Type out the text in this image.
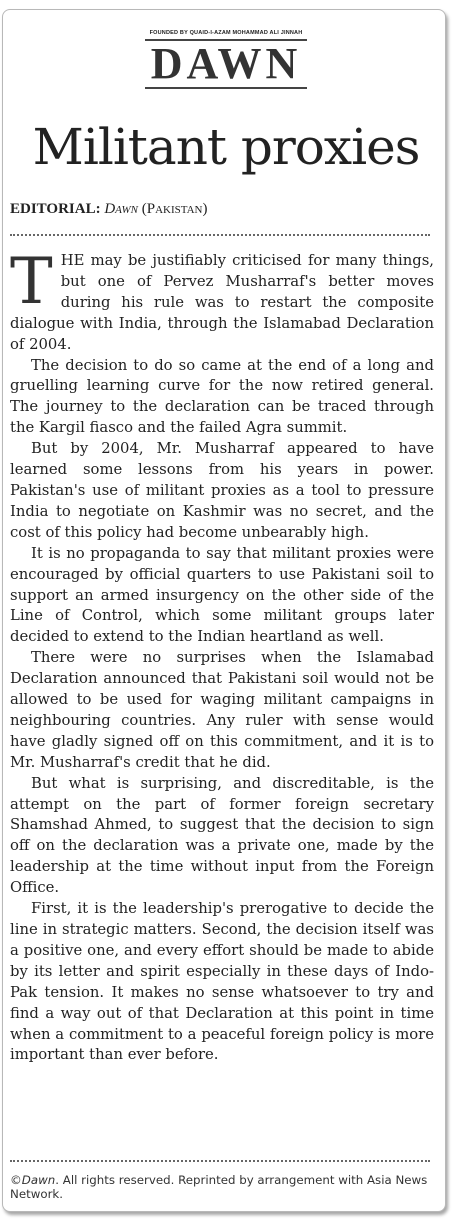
FOUNDED BY QUAID-I-AZAM MOHAMMAD ALI JINNAH
DAWN
Militant proxies
EDITORIAL: Dawn (Pakistan)

THE may be justifiably criticised for many things, but one of Pervez Musharraf's better moves during his rule was to restart the composite dialogue with India, through the Islamabad Declaration of 2004.

The decision to do so came at the end of a long and gruelling learning curve for the now retired general. The journey to the declaration can be traced through the Kargil fiasco and the failed Agra summit.

But by 2004, Mr. Musharraf appeared to have learned some lessons from his years in power. Pakistan's use of militant proxies as a tool to pressure India to negotiate on Kashmir was no secret, and the cost of this policy had become unbearably high.

It is no propaganda to say that militant proxies were encouraged by official quarters to use Pakistani soil to support an armed insurgency on the other side of the Line of Control, which some militant groups later decided to extend to the Indian heartland as well.

There were no surprises when the Islamabad Declaration announced that Pakistani soil would not be allowed to be used for waging militant campaigns in neighbouring countries. Any ruler with sense would have gladly signed off on this commitment, and it is to Mr. Musharraf's credit that he did.

But what is surprising, and discreditable, is the attempt on the part of former foreign secretary Shamshad Ahmed, to suggest that the decision to sign off on the declaration was a private one, made by the leadership at the time without input from the Foreign Office.

First, it is the leadership's prerogative to decide the line in strategic matters. Second, the decision itself was a positive one, and every effort should be made to abide by its letter and spirit especially in these days of Indo-Pak tension. It makes no sense whatsoever to try and find a way out of that Declaration at this point in time when a commitment to a peaceful foreign policy is more important than ever before.

©Dawn. All rights reserved. Reprinted by arrangement with Asia News Network.
